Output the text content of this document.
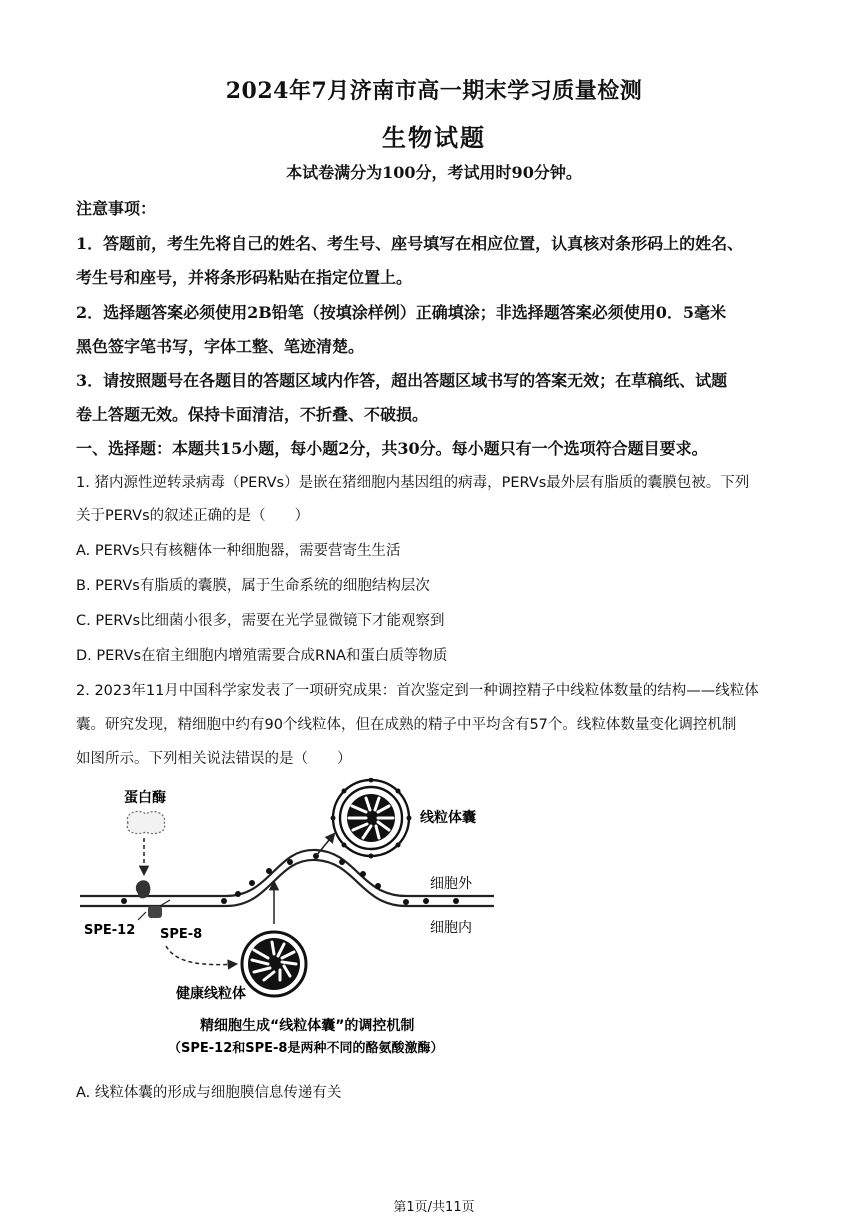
2024年7月济南市高一期末学习质量检测
生物试题
本试卷满分为100分，考试用时90分钟。
注意事项：
1．答题前，考生先将自己的姓名、考生号、座号填写在相应位置，认真核对条形码上的姓名、
考生号和座号，并将条形码粘贴在指定位置上。
2．选择题答案必须使用2B铅笔（按填涂样例）正确填涂；非选择题答案必须使用0．5毫米
黑色签字笔书写，字体工整、笔迹清楚。
3．请按照题号在各题目的答题区域内作答，超出答题区域书写的答案无效；在草稿纸、试题
卷上答题无效。保持卡面清洁，不折叠、不破损。
一、选择题：本题共15小题，每小题2分，共30分。每小题只有一个选项符合题目要求。
1. 猪内源性逆转录病毒（PERVs）是嵌在猪细胞内基因组的病毒，PERVs最外层有脂质的囊膜包被。下列
关于PERVs的叙述正确的是（　　）
A. PERVs只有核糖体一种细胞器，需要营寄生生活
B. PERVs有脂质的囊膜，属于生命系统的细胞结构层次
C. PERVs比细菌小很多，需要在光学显微镜下才能观察到
D. PERVs在宿主细胞内增殖需要合成RNA和蛋白质等物质
2. 2023年11月中国科学家发表了一项研究成果：首次鉴定到一种调控精子中线粒体数量的结构——线粒体
囊。研究发现，精细胞中约有90个线粒体，但在成熟的精子中平均含有57个。线粒体数量变化调控机制
如图所示。下列相关说法错误的是（　　）
蛋白酶
线粒体囊
细胞外
细胞内
SPE-12 SPE-8
健康线粒体
精细胞生成“线粒体囊”的调控机制
（SPE-12和SPE-8是两种不同的酪氨酸激酶）
A. 线粒体囊的形成与细胞膜信息传递有关
第1页/共11页
